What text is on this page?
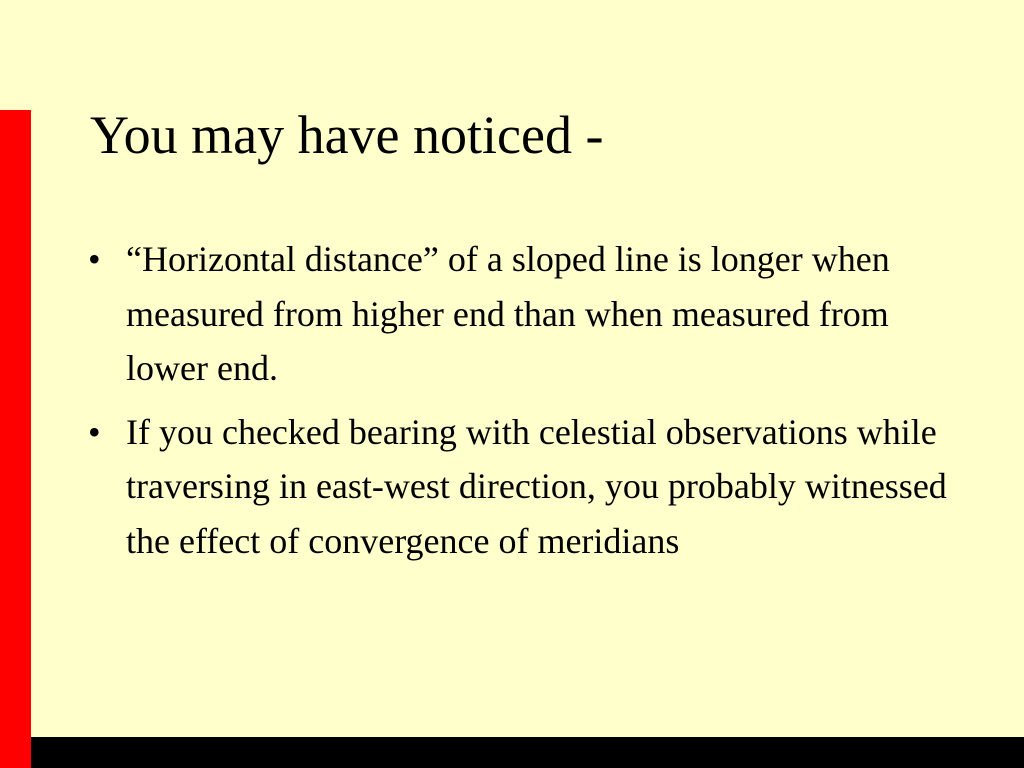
You may have noticed -
• “Horizontal distance” of a sloped line is longer when measured from higher end than when measured from lower end.
• If you checked bearing with celestial observations while traversing in east-west direction, you probably witnessed the effect of convergence of meridians
